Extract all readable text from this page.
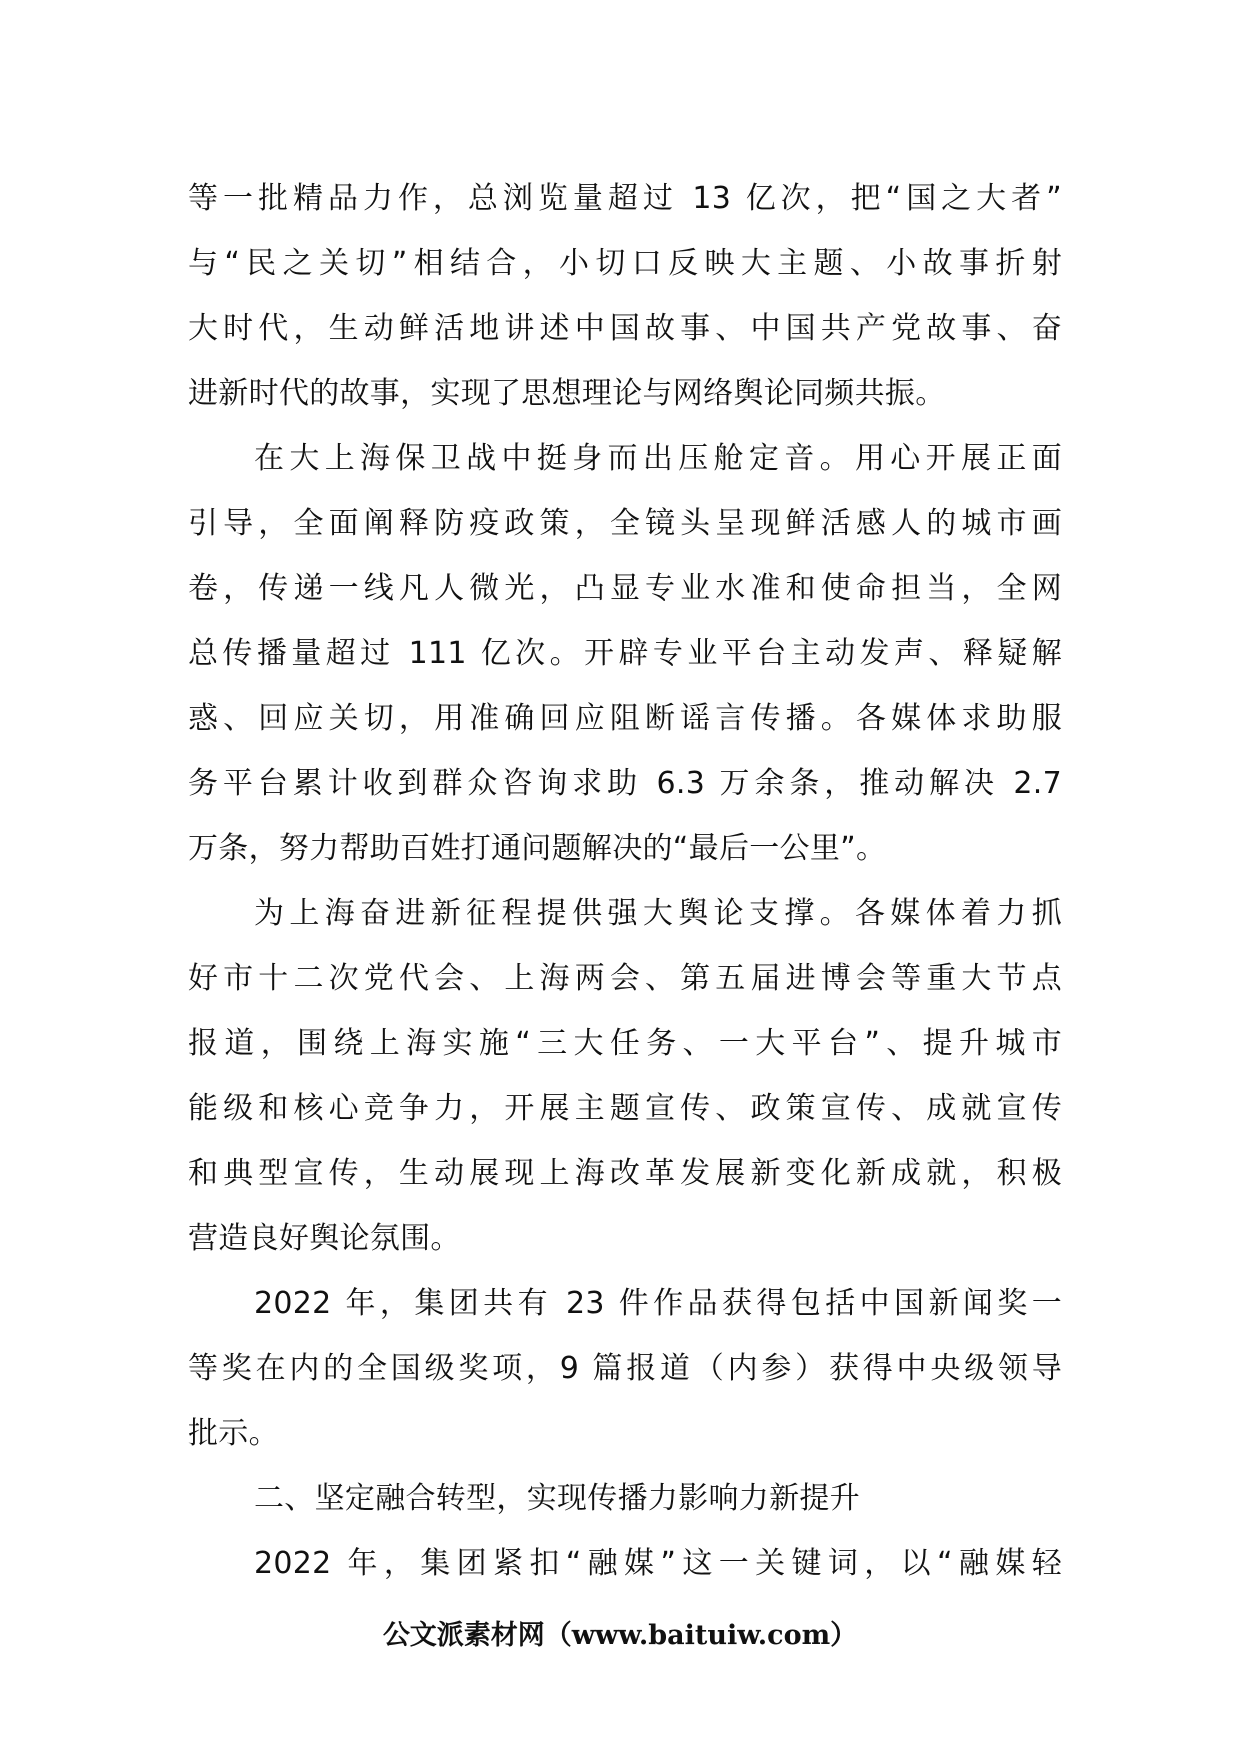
等一批精品力作，总浏览量超过 13 亿次，把“国之大者”
与“民之关切”相结合，小切口反映大主题、小故事折射
大时代，生动鲜活地讲述中国故事、中国共产党故事、奋
进新时代的故事，实现了思想理论与网络舆论同频共振。
在大上海保卫战中挺身而出压舱定音。用心开展正面
引导，全面阐释防疫政策，全镜头呈现鲜活感人的城市画
卷，传递一线凡人微光，凸显专业水准和使命担当，全网
总传播量超过 111 亿次。开辟专业平台主动发声、释疑解
惑、回应关切，用准确回应阻断谣言传播。各媒体求助服
务平台累计收到群众咨询求助 6.3 万余条，推动解决 2.7
万条，努力帮助百姓打通问题解决的“最后一公里”。
为上海奋进新征程提供强大舆论支撑。各媒体着力抓
好市十二次党代会、上海两会、第五届进博会等重大节点
报道，围绕上海实施“三大任务、一大平台”、提升城市
能级和核心竞争力，开展主题宣传、政策宣传、成就宣传
和典型宣传，生动展现上海改革发展新变化新成就，积极
营造良好舆论氛围。
2022 年，集团共有 23 件作品获得包括中国新闻奖一
等奖在内的全国级奖项，9 篇报道（内参）获得中央级领导
批示。
二、坚定融合转型，实现传播力影响力新提升
2022 年，集团紧扣“融媒”这一关键词，以“融媒轻
公文派素材网（www.baituiw.com）
